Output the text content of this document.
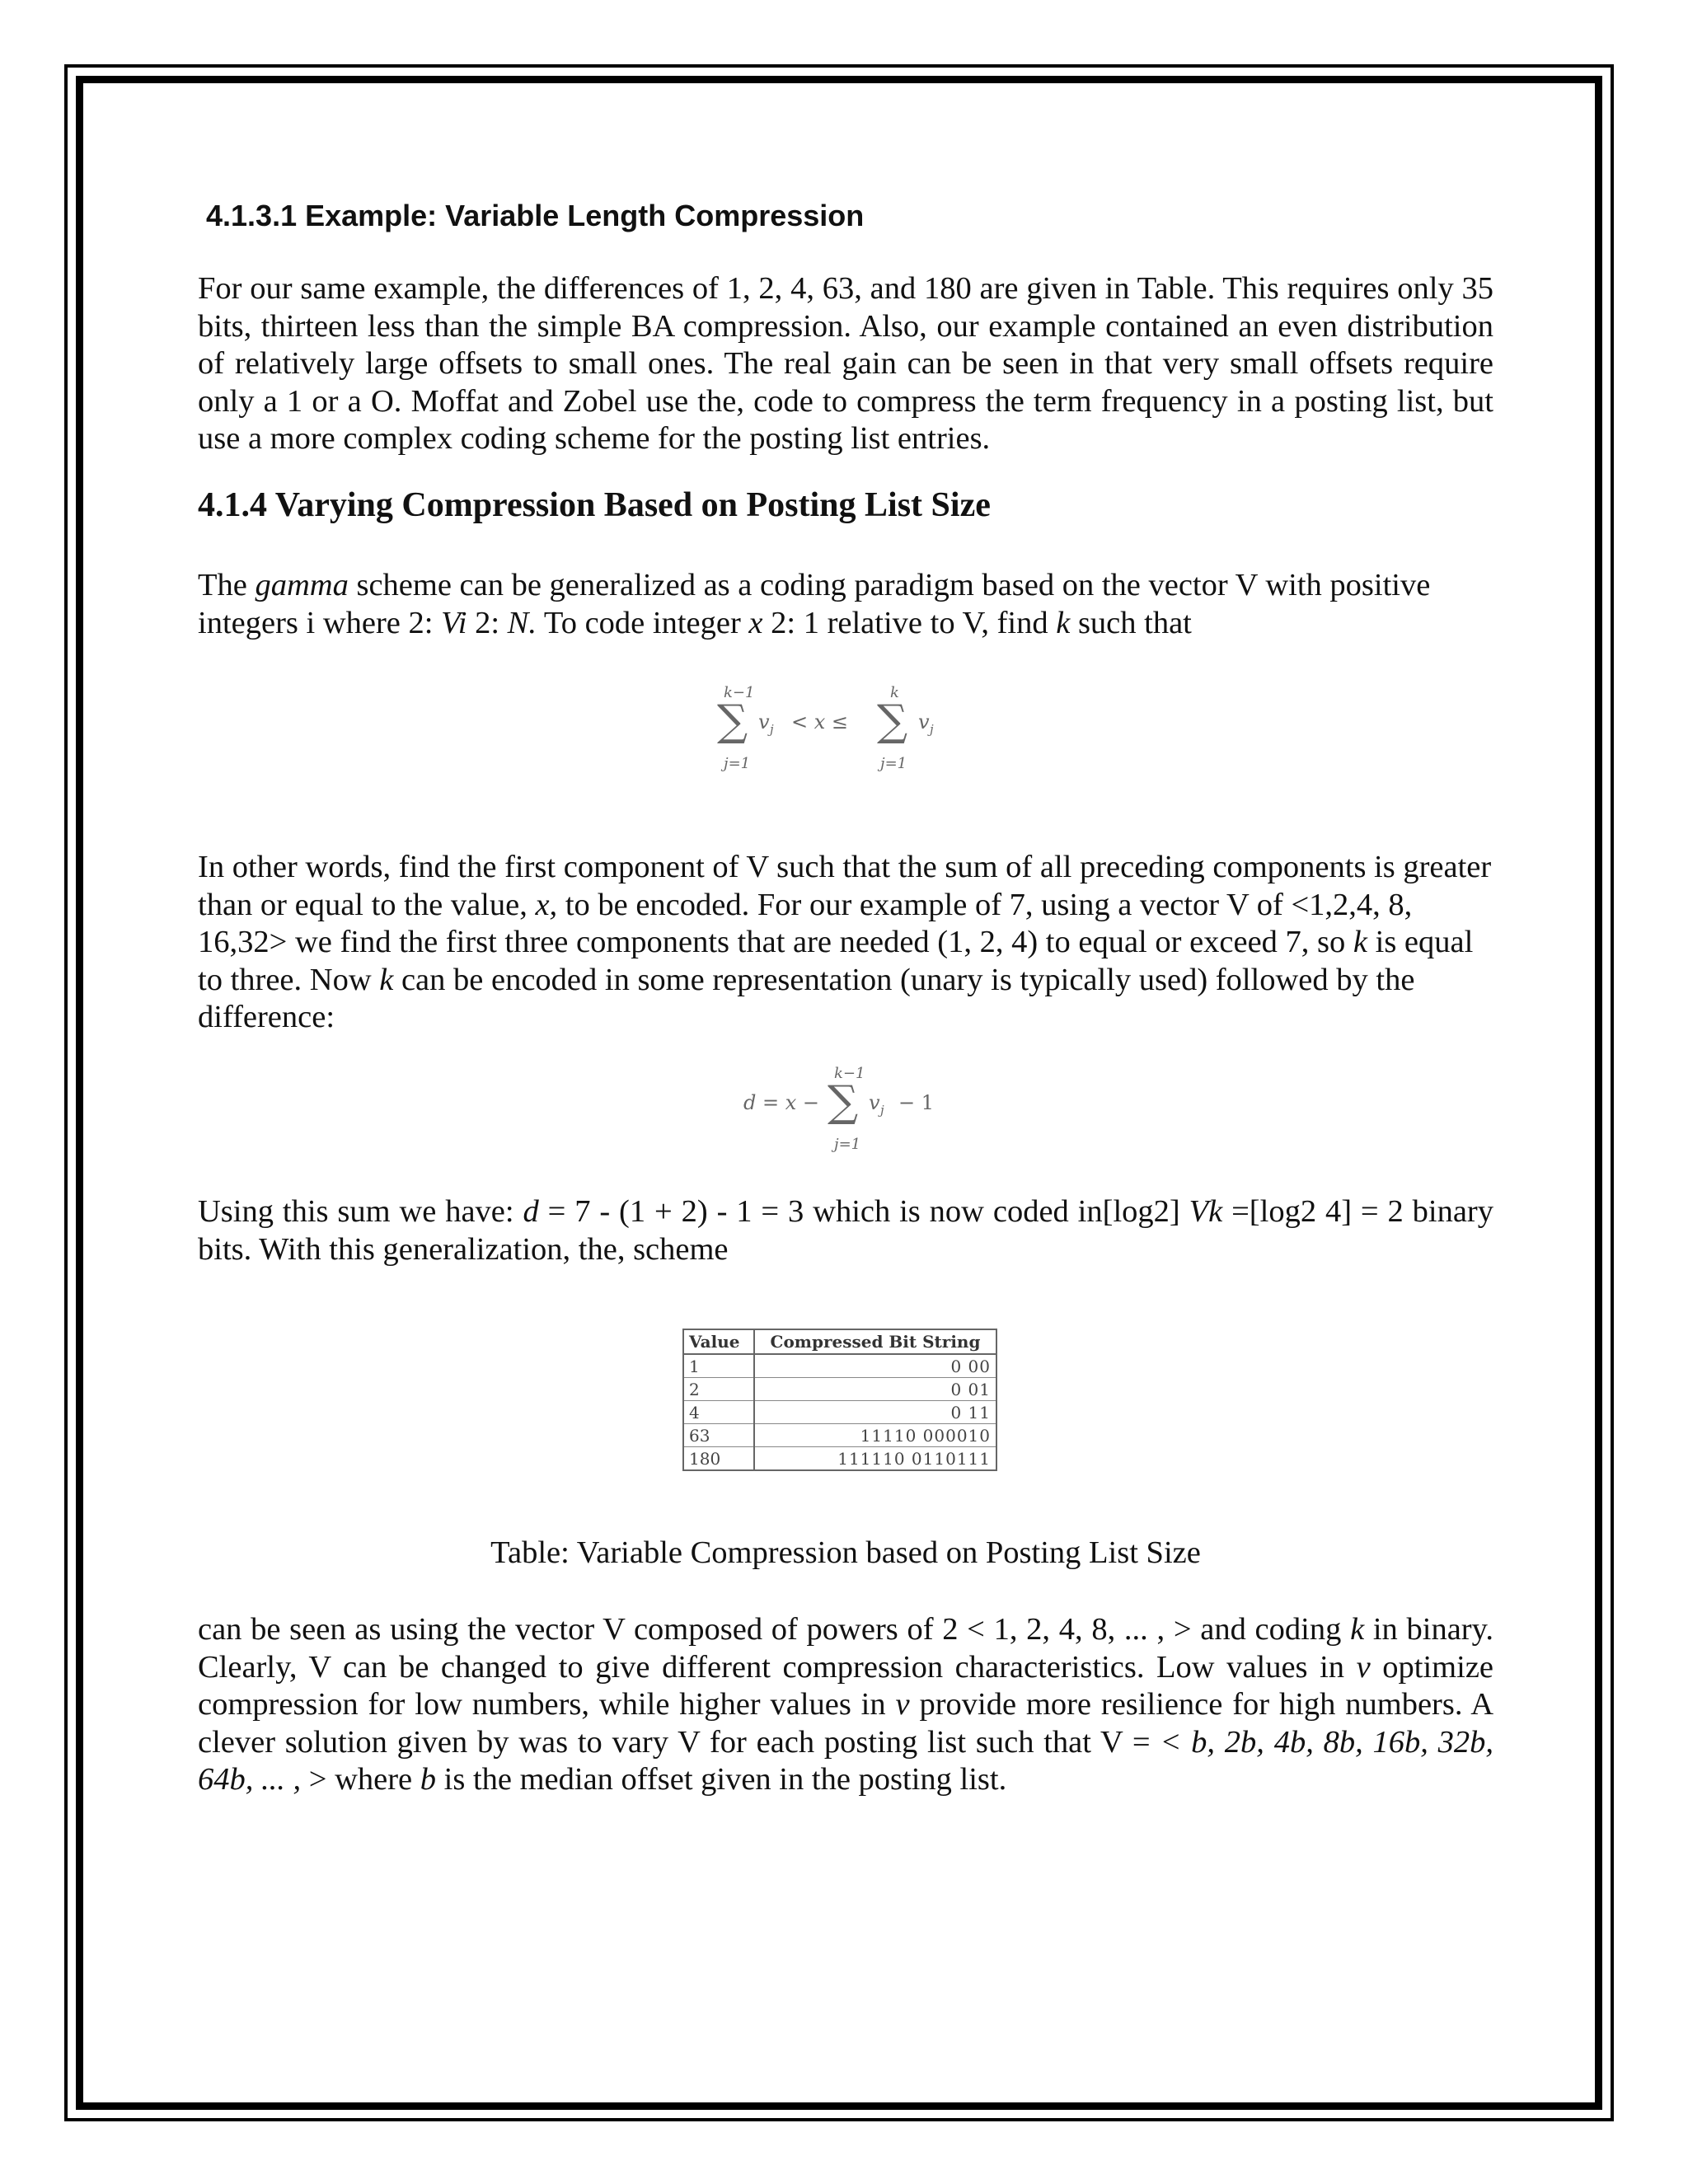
4.1.3.1 Example: Variable Length Compression

For our same example, the differences of 1, 2, 4, 63, and 180 are given in Table. This requires only 35 bits, thirteen less than the simple BA compression. Also, our example contained an even distribution of relatively large offsets to small ones. The real gain can be seen in that very small offsets require only a 1 or a O. Moffat and Zobel use the, code to compress the term frequency in a posting list, but use a more complex coding scheme for the posting list entries.

4.1.4 Varying Compression Based on Posting List Size

The gamma scheme can be generalized as a coding paradigm based on the vector V with positive integers i where 2: Vi 2: N. To code integer x 2: 1 relative to V, find k such that

k−1
∑
j=1
v j < x ≤
k
∑
j=1
v j

In other words, find the first component of V such that the sum of all preceding components is greater than or equal to the value, x, to be encoded. For our example of 7, using a vector V of <1,2,4, 8, 16,32> we find the first three components that are needed (1, 2, 4) to equal or exceed 7, so k is equal to three. Now k can be encoded in some representation (unary is typically used) followed by the difference:

d = x −
k−1
∑
j=1
v j − 1

Using this sum we have: d = 7 - (1 + 2) - 1 = 3 which is now coded in[log2] Vk =[log2 4] = 2 binary bits. With this generalization, the, scheme

Value	Compressed Bit String
1	0 00
2	0 01
4	0 11
63	11110 000010
180	111110 0110111
Table: Variable Compression based on Posting List Size

can be seen as using the vector V composed of powers of 2 < 1, 2, 4, 8, ... , > and coding k in binary. Clearly, V can be changed to give different compression characteristics. Low values in v optimize compression for low numbers, while higher values in v provide more resilience for high numbers. A clever solution given by was to vary V for each posting list such that V = < b, 2b, 4b, 8b, 16b, 32b, 64b, ... , > where b is the median offset given in the posting list.
